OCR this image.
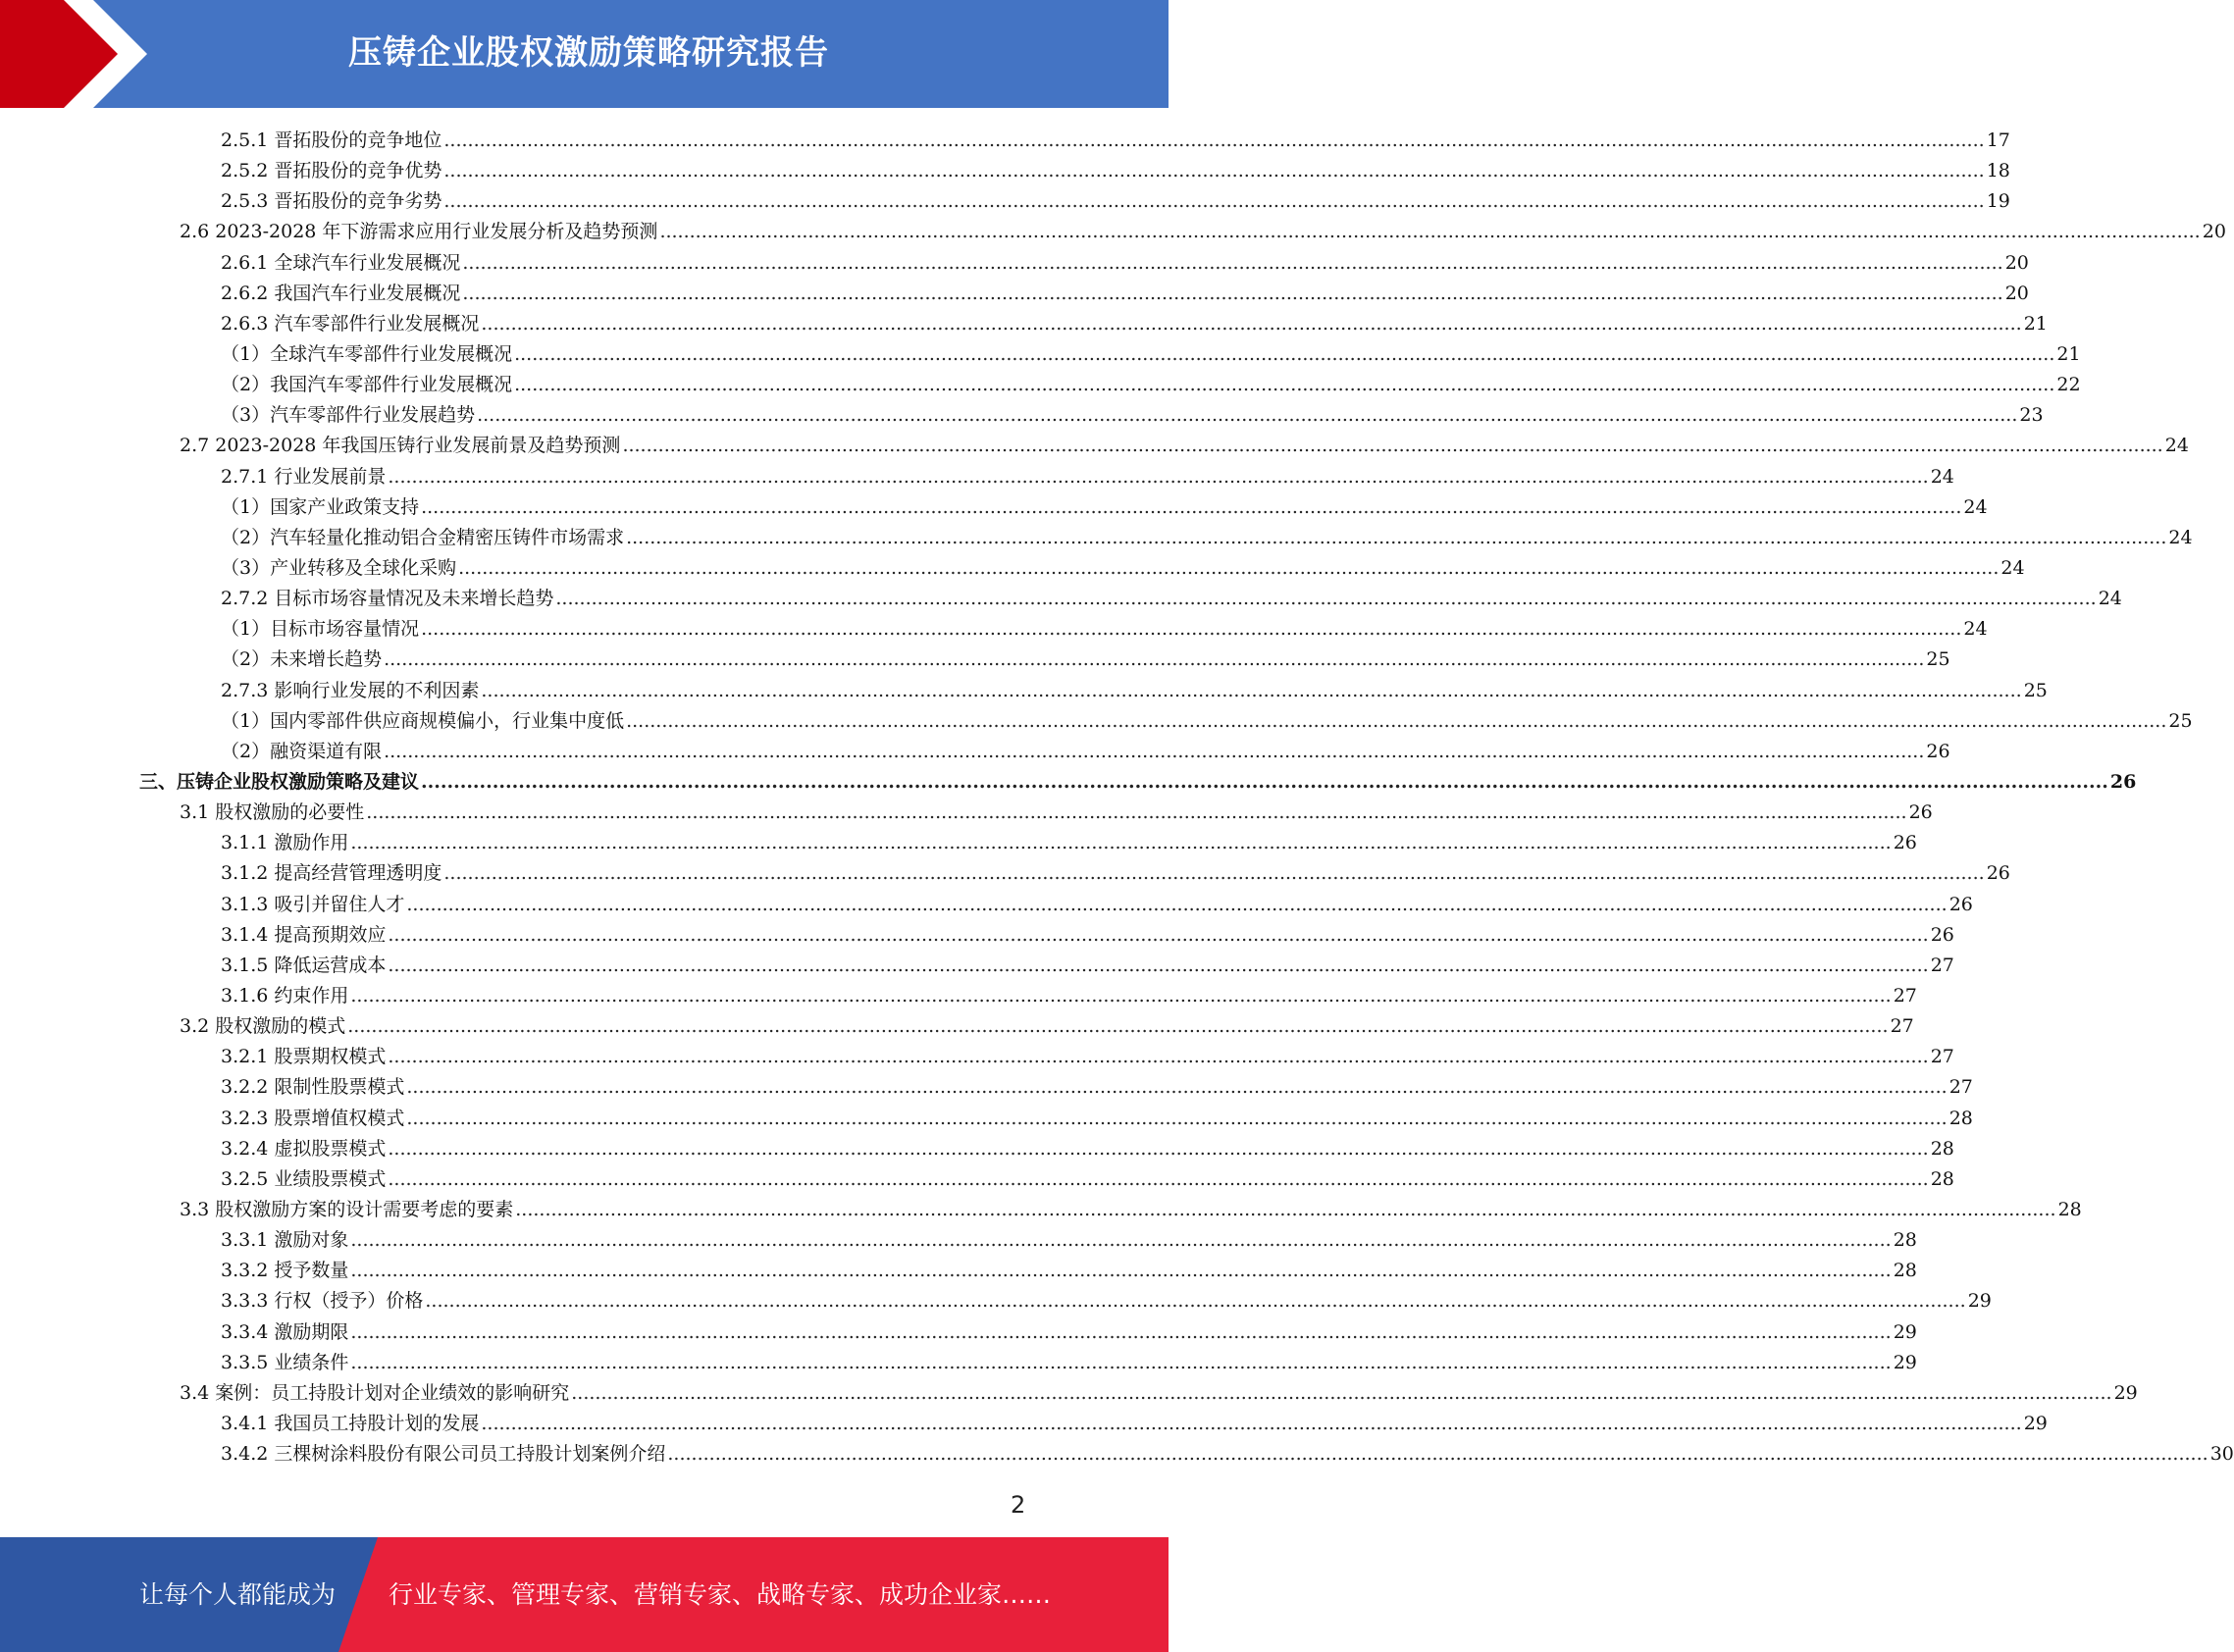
压铸企业股权激励策略研究报告
2.5.1 晋拓股份的竞争地位 .................................................................................................................................................................................................................................................................... 17
2.5.2 晋拓股份的竞争优势 .................................................................................................................................................................................................................................................................... 18
2.5.3 晋拓股份的竞争劣势 .................................................................................................................................................................................................................................................................... 19
2.6 2023-2028 年下游需求应用行业发展分析及趋势预测 .................................................................................................................................................................................................................................................................... 20
2.6.1 全球汽车行业发展概况 .................................................................................................................................................................................................................................................................... 20
2.6.2 我国汽车行业发展概况 .................................................................................................................................................................................................................................................................... 20
2.6.3 汽车零部件行业发展概况 .................................................................................................................................................................................................................................................................... 21
（1）全球汽车零部件行业发展概况 .................................................................................................................................................................................................................................................................... 21
（2）我国汽车零部件行业发展概况 .................................................................................................................................................................................................................................................................... 22
（3）汽车零部件行业发展趋势 .................................................................................................................................................................................................................................................................... 23
2.7 2023-2028 年我国压铸行业发展前景及趋势预测 .................................................................................................................................................................................................................................................................... 24
2.7.1 行业发展前景 .................................................................................................................................................................................................................................................................... 24
（1）国家产业政策支持 .................................................................................................................................................................................................................................................................... 24
（2）汽车轻量化推动铝合金精密压铸件市场需求 .................................................................................................................................................................................................................................................................... 24
（3）产业转移及全球化采购 .................................................................................................................................................................................................................................................................... 24
2.7.2 目标市场容量情况及未来增长趋势 .................................................................................................................................................................................................................................................................... 24
（1）目标市场容量情况 .................................................................................................................................................................................................................................................................... 24
（2）未来增长趋势 .................................................................................................................................................................................................................................................................... 25
2.7.3 影响行业发展的不利因素 .................................................................................................................................................................................................................................................................... 25
（1）国内零部件供应商规模偏小，行业集中度低 .................................................................................................................................................................................................................................................................... 25
（2）融资渠道有限 .................................................................................................................................................................................................................................................................... 26
三、压铸企业股权激励策略及建议 .................................................................................................................................................................................................................................................................... 26
3.1 股权激励的必要性 .................................................................................................................................................................................................................................................................... 26
3.1.1 激励作用 .................................................................................................................................................................................................................................................................... 26
3.1.2 提高经营管理透明度 .................................................................................................................................................................................................................................................................... 26
3.1.3 吸引并留住人才 .................................................................................................................................................................................................................................................................... 26
3.1.4 提高预期效应 .................................................................................................................................................................................................................................................................... 26
3.1.5 降低运营成本 .................................................................................................................................................................................................................................................................... 27
3.1.6 约束作用 .................................................................................................................................................................................................................................................................... 27
3.2 股权激励的模式 .................................................................................................................................................................................................................................................................... 27
3.2.1 股票期权模式 .................................................................................................................................................................................................................................................................... 27
3.2.2 限制性股票模式 .................................................................................................................................................................................................................................................................... 27
3.2.3 股票增值权模式 .................................................................................................................................................................................................................................................................... 28
3.2.4 虚拟股票模式 .................................................................................................................................................................................................................................................................... 28
3.2.5 业绩股票模式 .................................................................................................................................................................................................................................................................... 28
3.3 股权激励方案的设计需要考虑的要素 .................................................................................................................................................................................................................................................................... 28
3.3.1 激励对象 .................................................................................................................................................................................................................................................................... 28
3.3.2 授予数量 .................................................................................................................................................................................................................................................................... 28
3.3.3 行权（授予）价格 .................................................................................................................................................................................................................................................................... 29
3.3.4 激励期限 .................................................................................................................................................................................................................................................................... 29
3.3.5 业绩条件 .................................................................................................................................................................................................................................................................... 29
3.4 案例：员工持股计划对企业绩效的影响研究 .................................................................................................................................................................................................................................................................... 29
3.4.1 我国员工持股计划的发展 .................................................................................................................................................................................................................................................................... 29
3.4.2 三棵树涂料股份有限公司员工持股计划案例介绍 .................................................................................................................................................................................................................................................................... 30
2
让每个人都能成为 行业专家、管理专家、营销专家、战略专家、成功企业家……
